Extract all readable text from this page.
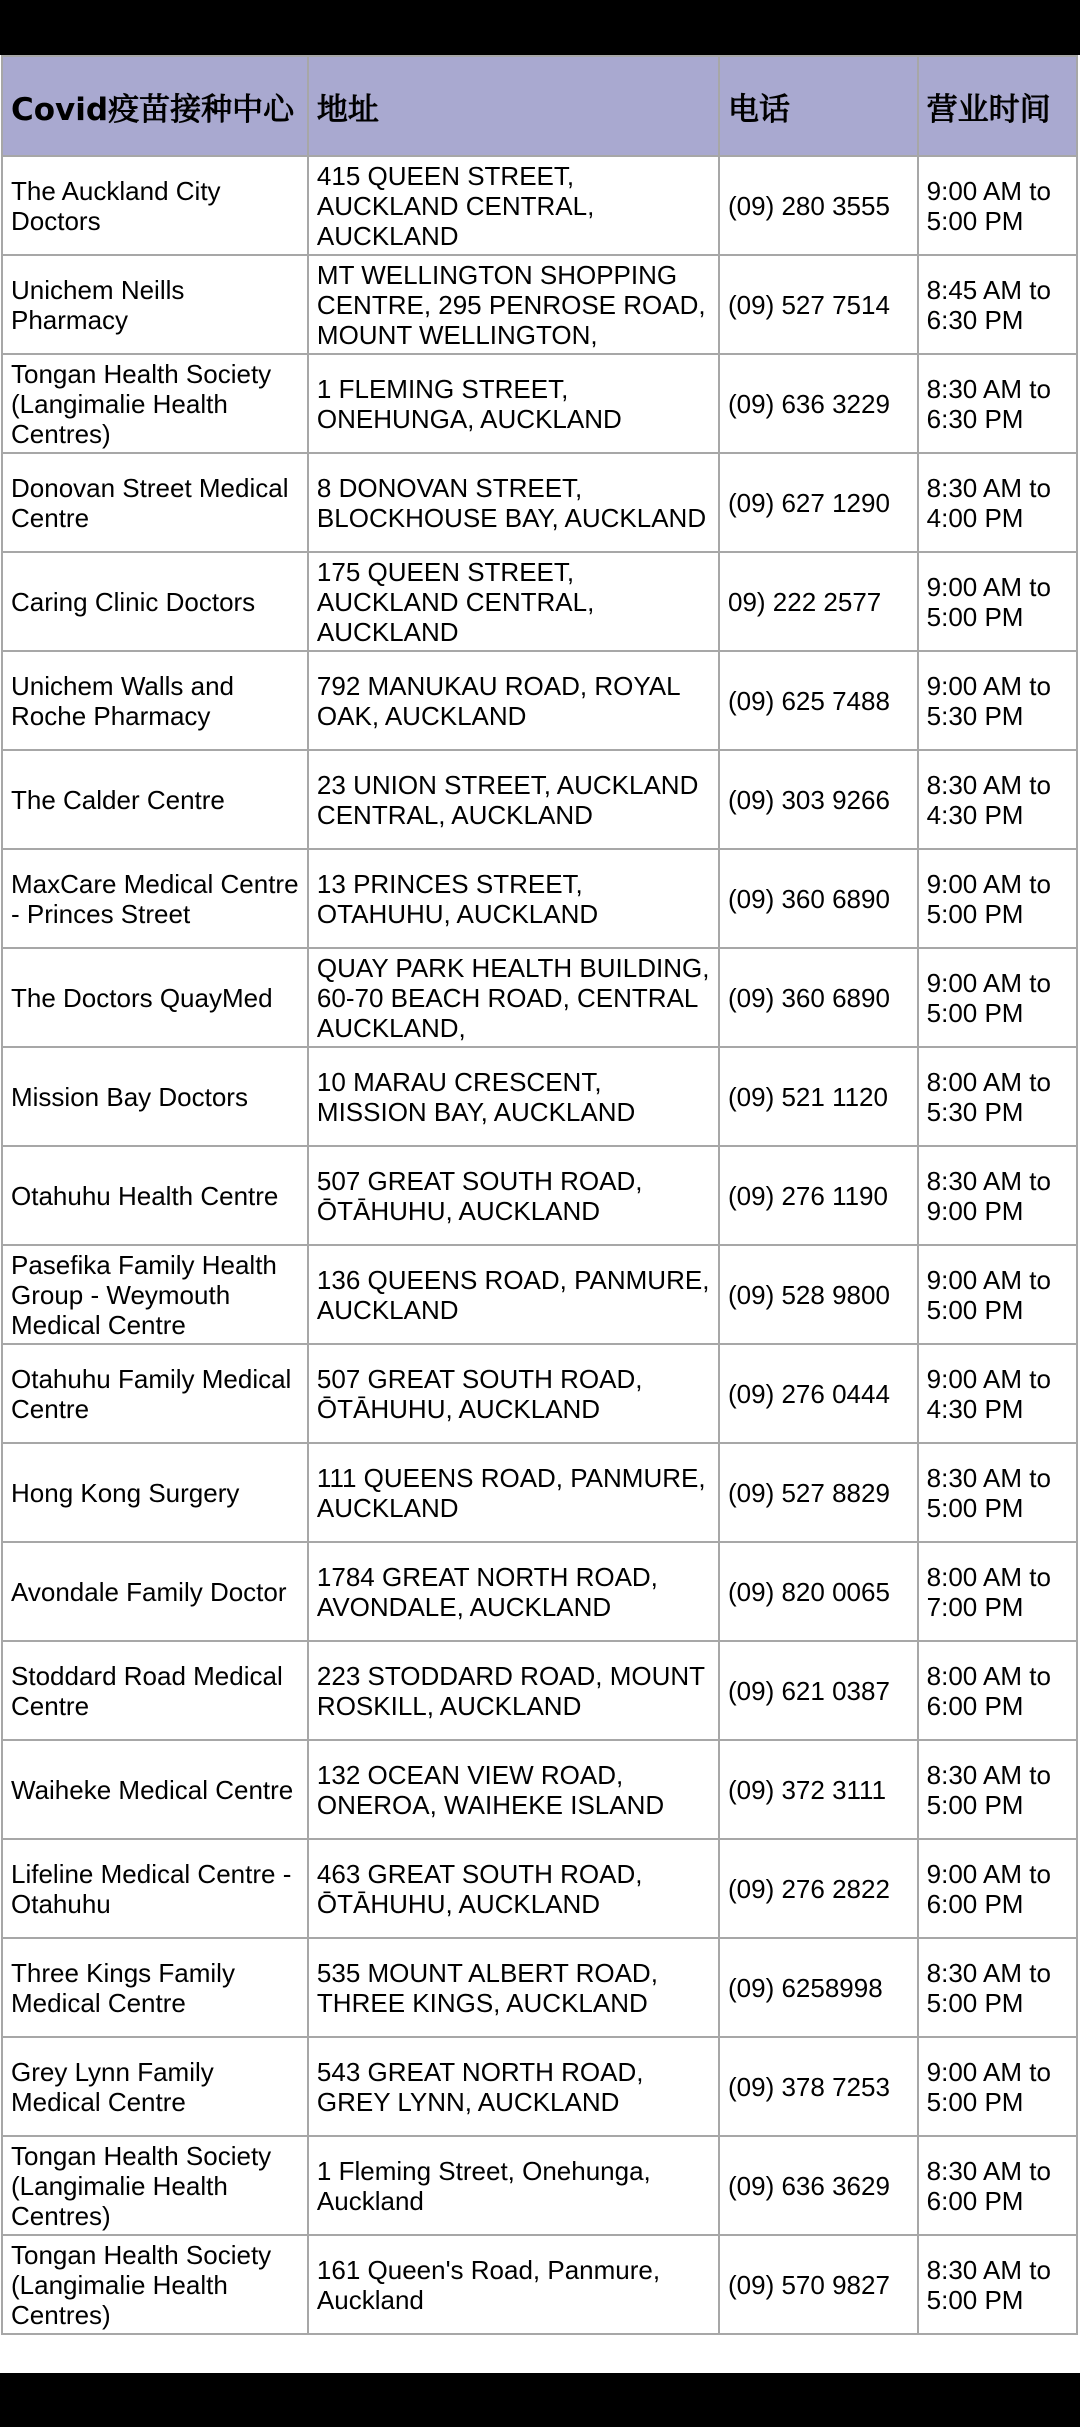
Covid疫苗接种中心	地址	电话	营业时间
The Auckland City Doctors	415 QUEEN STREET, AUCKLAND CENTRAL, AUCKLAND	(09) 280 3555	9:00 AM to 5:00 PM
Unichem Neills Pharmacy	MT WELLINGTON SHOPPING CENTRE, 295 PENROSE ROAD, MOUNT WELLINGTON,	(09) 527 7514	8:45 AM to 6:30 PM
Tongan Health Society (Langimalie Health Centres)	1 FLEMING STREET, ONEHUNGA, AUCKLAND	(09) 636 3229	8:30 AM to 6:30 PM
Donovan Street Medical Centre	8 DONOVAN STREET, BLOCKHOUSE BAY, AUCKLAND	(09) 627 1290	8:30 AM to 4:00 PM
Caring Clinic Doctors	175 QUEEN STREET, AUCKLAND CENTRAL, AUCKLAND	09) 222 2577	9:00 AM to 5:00 PM
Unichem Walls and Roche Pharmacy	792 MANUKAU ROAD, ROYAL OAK, AUCKLAND	(09) 625 7488	9:00 AM to 5:30 PM
The Calder Centre	23 UNION STREET, AUCKLAND CENTRAL, AUCKLAND	(09) 303 9266	8:30 AM to 4:30 PM
MaxCare Medical Centre - Princes Street	13 PRINCES STREET, OTAHUHU, AUCKLAND	(09) 360 6890	9:00 AM to 5:00 PM
The Doctors QuayMed	QUAY PARK HEALTH BUILDING, 60-70 BEACH ROAD, CENTRAL AUCKLAND,	(09) 360 6890	9:00 AM to 5:00 PM
Mission Bay Doctors	10 MARAU CRESCENT, MISSION BAY, AUCKLAND	(09) 521 1120	8:00 AM to 5:30 PM
Otahuhu Health Centre	507 GREAT SOUTH ROAD, ŌTĀHUHU, AUCKLAND	(09) 276 1190	8:30 AM to 9:00 PM
Pasefika Family Health Group - Weymouth Medical Centre	136 QUEENS ROAD, PANMURE, AUCKLAND	(09) 528 9800	9:00 AM to 5:00 PM
Otahuhu Family Medical Centre	507 GREAT SOUTH ROAD, ŌTĀHUHU, AUCKLAND	(09) 276 0444	9:00 AM to 4:30 PM
Hong Kong Surgery	111 QUEENS ROAD, PANMURE, AUCKLAND	(09) 527 8829	8:30 AM to 5:00 PM
Avondale Family Doctor	1784 GREAT NORTH ROAD, AVONDALE, AUCKLAND	(09) 820 0065	8:00 AM to 7:00 PM
Stoddard Road Medical Centre	223 STODDARD ROAD, MOUNT ROSKILL, AUCKLAND	(09) 621 0387	8:00 AM to 6:00 PM
Waiheke Medical Centre	132 OCEAN VIEW ROAD, ONEROA, WAIHEKE ISLAND	(09) 372 3111	8:30 AM to 5:00 PM
Lifeline Medical Centre - Otahuhu	463 GREAT SOUTH ROAD, ŌTĀHUHU, AUCKLAND	(09) 276 2822	9:00 AM to 6:00 PM
Three Kings Family Medical Centre	535 MOUNT ALBERT ROAD, THREE KINGS, AUCKLAND	(09) 6258998	8:30 AM to 5:00 PM
Grey Lynn Family Medical Centre	543 GREAT NORTH ROAD, GREY LYNN, AUCKLAND	(09) 378 7253	9:00 AM to 5:00 PM
Tongan Health Society (Langimalie Health Centres)	1 Fleming Street, Onehunga, Auckland	(09) 636 3629	8:30 AM to 6:00 PM
Tongan Health Society (Langimalie Health Centres)	161 Queen's Road, Panmure, Auckland	(09) 570 9827	8:30 AM to 5:00 PM
